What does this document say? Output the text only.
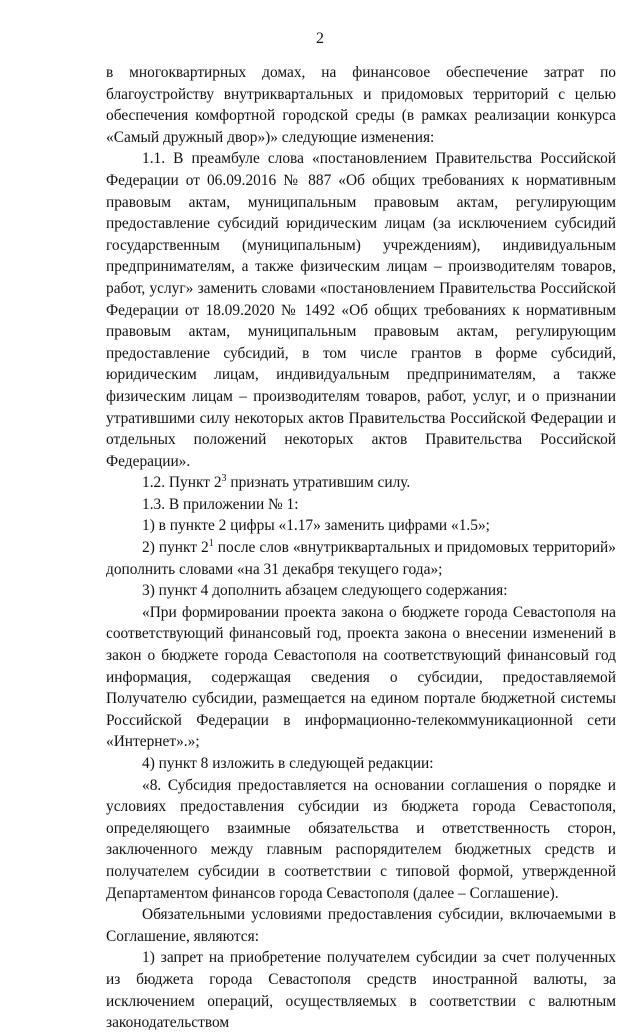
2

в многоквартирных домах, на финансовое обеспечение затрат по благоустройству внутриквартальных и придомовых территорий с целью обеспечения комфортной городской среды (в рамках реализации конкурса «Самый дружный двор»)» следующие изменения:

1.1. В преамбуле слова «постановлением Правительства Российской Федерации от 06.09.2016 № 887 «Об общих требованиях к нормативным правовым актам, муниципальным правовым актам, регулирующим предоставление субсидий юридическим лицам (за исключением субсидий государственным (муниципальным) учреждениям), индивидуальным предпринимателям, а также физическим лицам – производителям товаров, работ, услуг» заменить словами «постановлением Правительства Российской Федерации от 18.09.2020 № 1492 «Об общих требованиях к нормативным правовым актам, муниципальным правовым актам, регулирующим предоставление субсидий, в том числе грантов в форме субсидий, юридическим лицам, индивидуальным предпринимателям, а также физическим лицам – производителям товаров, работ, услуг, и о признании утратившими силу некоторых актов Правительства Российской Федерации и отдельных положений некоторых актов Правительства Российской Федерации».

1.2. Пункт $2^3$ признать утратившим силу.

1.3. В приложении № 1:

1) в пункте 2 цифры «1.17» заменить цифрами «1.5»;

2) пункт $2^1$ после слов «внутриквартальных и придомовых территорий» дополнить словами «на 31 декабря текущего года»;

3) пункт 4 дополнить абзацем следующего содержания:

«При формировании проекта закона о бюджете города Севастополя на соответствующий финансовый год, проекта закона о внесении изменений в закон о бюджете города Севастополя на соответствующий финансовый год информация, содержащая сведения о субсидии, предоставляемой Получателю субсидии, размещается на едином портале бюджетной системы Российской Федерации в информационно-телекоммуникационной сети «Интернет».»;

4) пункт 8 изложить в следующей редакции:

«8. Субсидия предоставляется на основании соглашения о порядке и условиях предоставления субсидии из бюджета города Севастополя, определяющего взаимные обязательства и ответственность сторон, заключенного между главным распорядителем бюджетных средств и получателем субсидии в соответствии с типовой формой, утвержденной Департаментом финансов города Севастополя (далее – Соглашение).

Обязательными условиями предоставления субсидии, включаемыми в Соглашение, являются:

1) запрет на приобретение получателем субсидии за счет полученных из бюджета города Севастополя средств иностранной валюты, за исключением операций, осуществляемых в соответствии с валютным законодательством
